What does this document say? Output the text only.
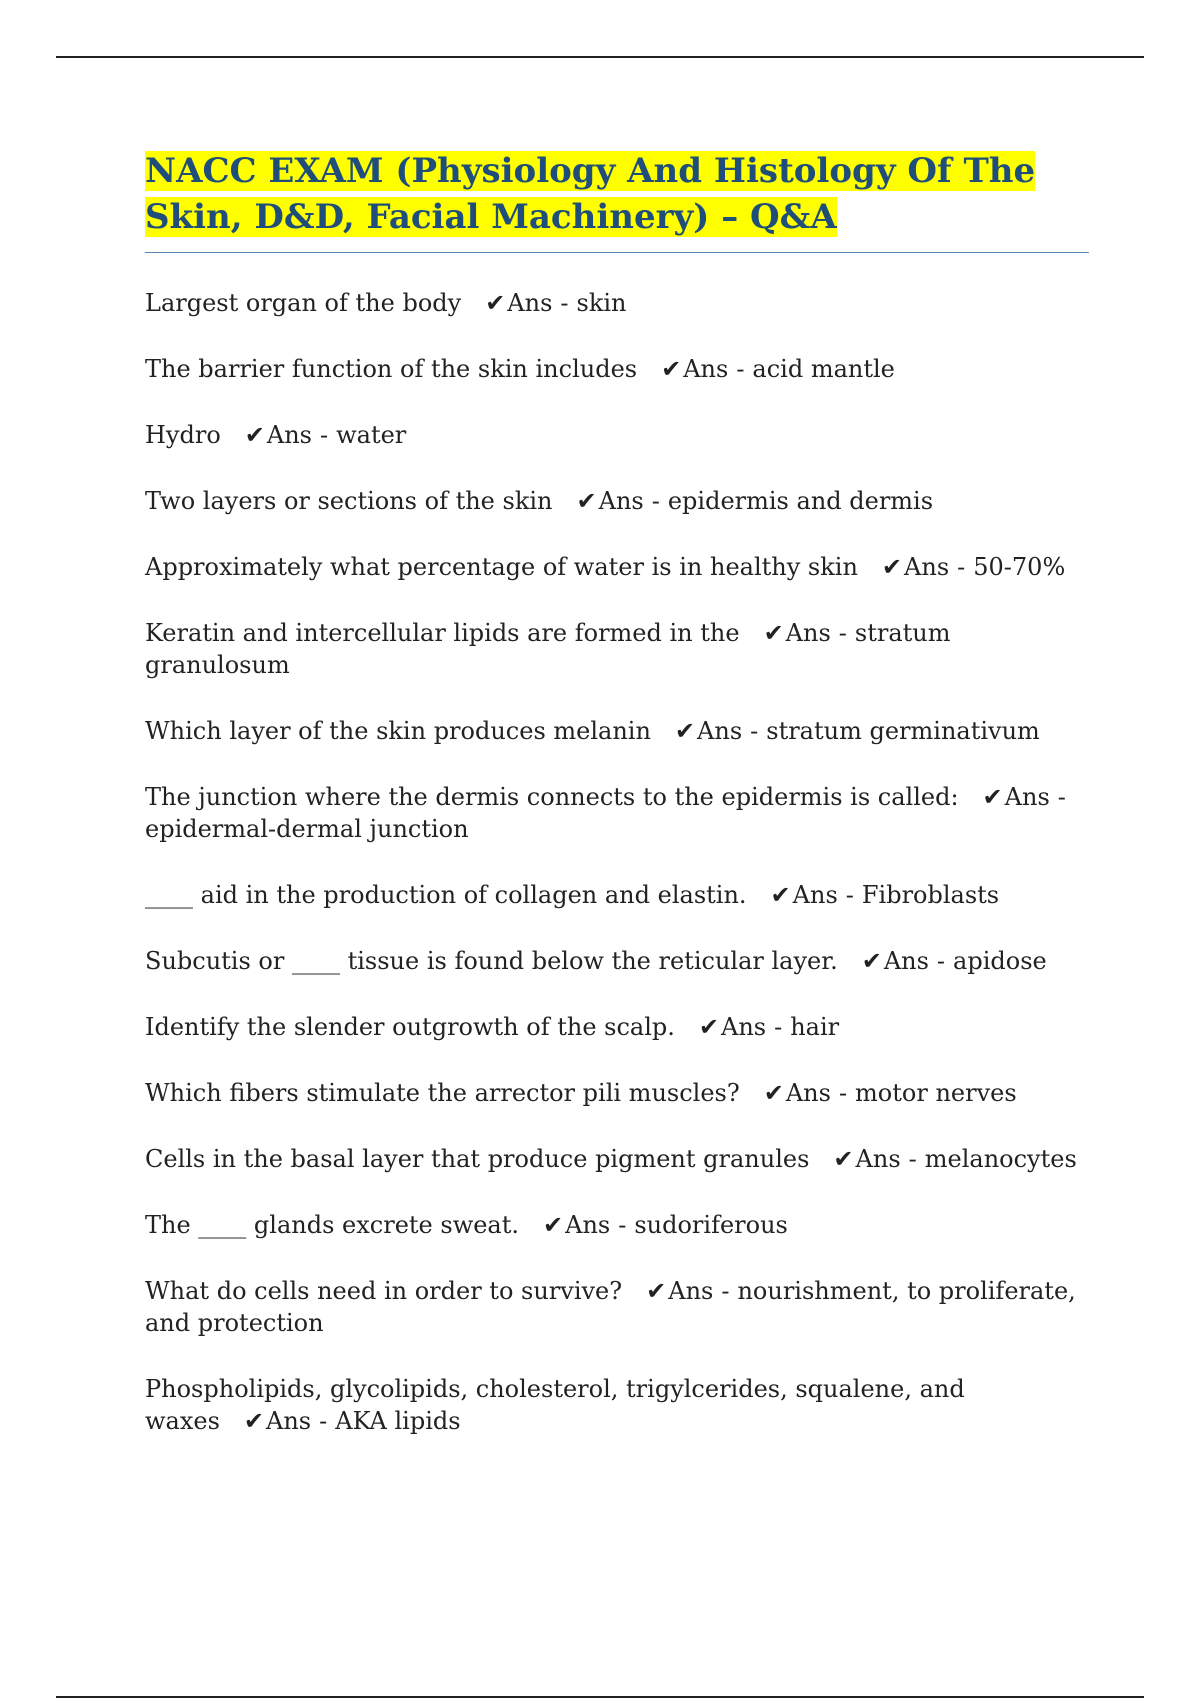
NACC EXAM (Physiology And Histology Of The Skin, D&D, Facial Machinery) – Q&A
Largest organ of the body ✔Ans - skin
The barrier function of the skin includes ✔Ans - acid mantle
Hydro ✔Ans - water
Two layers or sections of the skin ✔Ans - epidermis and dermis
Approximately what percentage of water is in healthy skin ✔Ans - 50-70%
Keratin and intercellular lipids are formed in the ✔Ans - stratum granulosum
Which layer of the skin produces melanin ✔Ans - stratum germinativum
The junction where the dermis connects to the epidermis is called: ✔Ans -epidermal-dermal junction
____ aid in the production of collagen and elastin. ✔Ans - Fibroblasts
Subcutis or ____ tissue is found below the reticular layer. ✔Ans - apidose
Identify the slender outgrowth of the scalp. ✔Ans - hair
Which fibers stimulate the arrector pili muscles? ✔Ans - motor nerves
Cells in the basal layer that produce pigment granules ✔Ans - melanocytes
The ____ glands excrete sweat. ✔Ans - sudoriferous
What do cells need in order to survive? ✔Ans - nourishment, to proliferate, and protection
Phospholipids, glycolipids, cholesterol, trigylcerides, squalene, and waxes ✔Ans - AKA lipids
